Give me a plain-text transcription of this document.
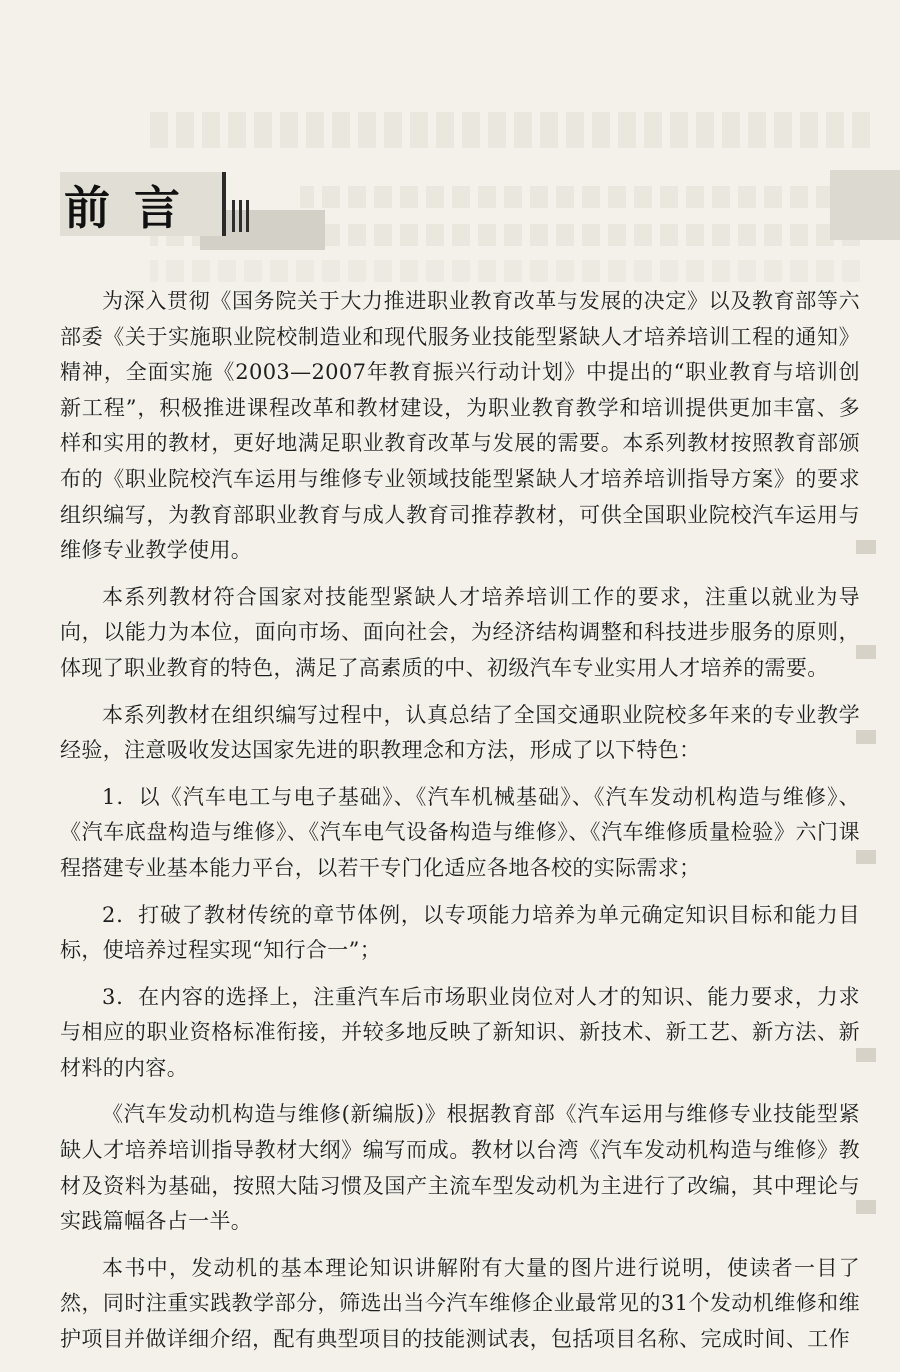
前言

为深入贯彻《国务院关于大力推进职业教育改革与发展的决定》以及教育部等六部委《关于实施职业院校制造业和现代服务业技能型紧缺人才培养培训工程的通知》精神，全面实施《2003—2007年教育振兴行动计划》中提出的“职业教育与培训创新工程”，积极推进课程改革和教材建设，为职业教育教学和培训提供更加丰富、多样和实用的教材，更好地满足职业教育改革与发展的需要。本系列教材按照教育部颁布的《职业院校汽车运用与维修专业领域技能型紧缺人才培养培训指导方案》的要求组织编写，为教育部职业教育与成人教育司推荐教材，可供全国职业院校汽车运用与维修专业教学使用。

本系列教材符合国家对技能型紧缺人才培养培训工作的要求，注重以就业为导向，以能力为本位，面向市场、面向社会，为经济结构调整和科技进步服务的原则，体现了职业教育的特色，满足了高素质的中、初级汽车专业实用人才培养的需要。

本系列教材在组织编写过程中，认真总结了全国交通职业院校多年来的专业教学经验，注意吸收发达国家先进的职教理念和方法，形成了以下特色：

1．以《汽车电工与电子基础》、《汽车机械基础》、《汽车发动机构造与维修》、《汽车底盘构造与维修》、《汽车电气设备构造与维修》、《汽车维修质量检验》六门课程搭建专业基本能力平台，以若干专门化适应各地各校的实际需求；

2．打破了教材传统的章节体例，以专项能力培养为单元确定知识目标和能力目标，使培养过程实现“知行合一”；

3．在内容的选择上，注重汽车后市场职业岗位对人才的知识、能力要求，力求与相应的职业资格标准衔接，并较多地反映了新知识、新技术、新工艺、新方法、新材料的内容。

《汽车发动机构造与维修(新编版)》根据教育部《汽车运用与维修专业技能型紧缺人才培养培训指导教材大纲》编写而成。教材以台湾《汽车发动机构造与维修》教材及资料为基础，按照大陆习惯及国产主流车型发动机为主进行了改编，其中理论与实践篇幅各占一半。

本书中，发动机的基本理论知识讲解附有大量的图片进行说明，使读者一目了然，同时注重实践教学部分，筛选出当今汽车维修企业最常见的31个发动机维修和维护项目并做详细介绍，配有典型项目的技能测试表，包括项目名称、完成时间、工作
